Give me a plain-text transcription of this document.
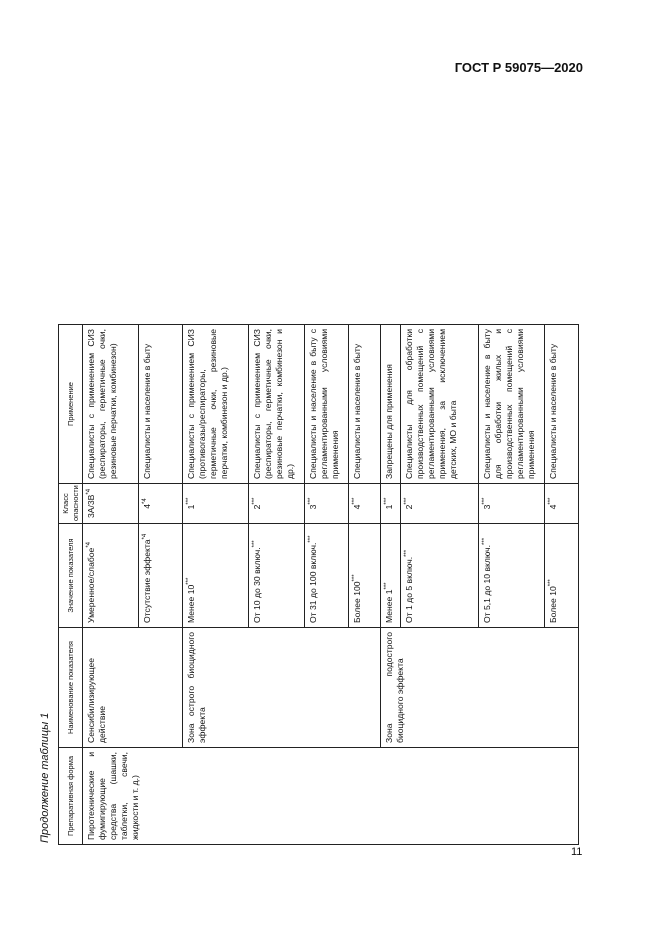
ГОСТ Р 59075—2020
Продолжение таблицы 1	Препаративная форма	Наименование показателя	Значение показателя	Класс опасности	Применение
Пиротехнические и фумигирующие средства (шашки, таблетки, свечи, жидкости и т. д.)	Сенсибилизирующее действие	Умеренное/слабое$^{*4}$	$3А/3В^{*4}$	Специалисты с применением СИЗ (респираторы, герметичные очки, резиновые перчатки, комбинезон)
		Отсутствие эффекта$^{*4}$	4$^{*4}$	Специалисты и население в быту
	Зона острого биоцидного эффекта	Менее 10***	1***	Специалисты с применением СИЗ (противогазы/респираторы, герметичные очки, резиновые перчатки, комбинезон и др.)
		От 10 до 30 включ.***	2***	Специалисты с применением СИЗ (респираторы, герметичные очки, резиновые перчатки, комбинезон и др.)
		От 31 до 100 включ.***	3***	Специалисты и население в быту с регламентированными условиями применения
		Более 100***	4***	Специалисты и население в быту
	Зона подострого биоцидного эффекта	Менее 1***	1***	Запрещены для применения
		От 1 до 5 включ.***	2***	Специалисты для обработки производственных помещений с регламентированными условиями применения, за исключением детских, МО и быта
		От 5,1 до 10 включ.***	3***	Специалисты и население в быту для обработки жилых и производственных помещений с регламентированными условиями применения
		Более 10***	4***	Специалисты и население в быту
11
